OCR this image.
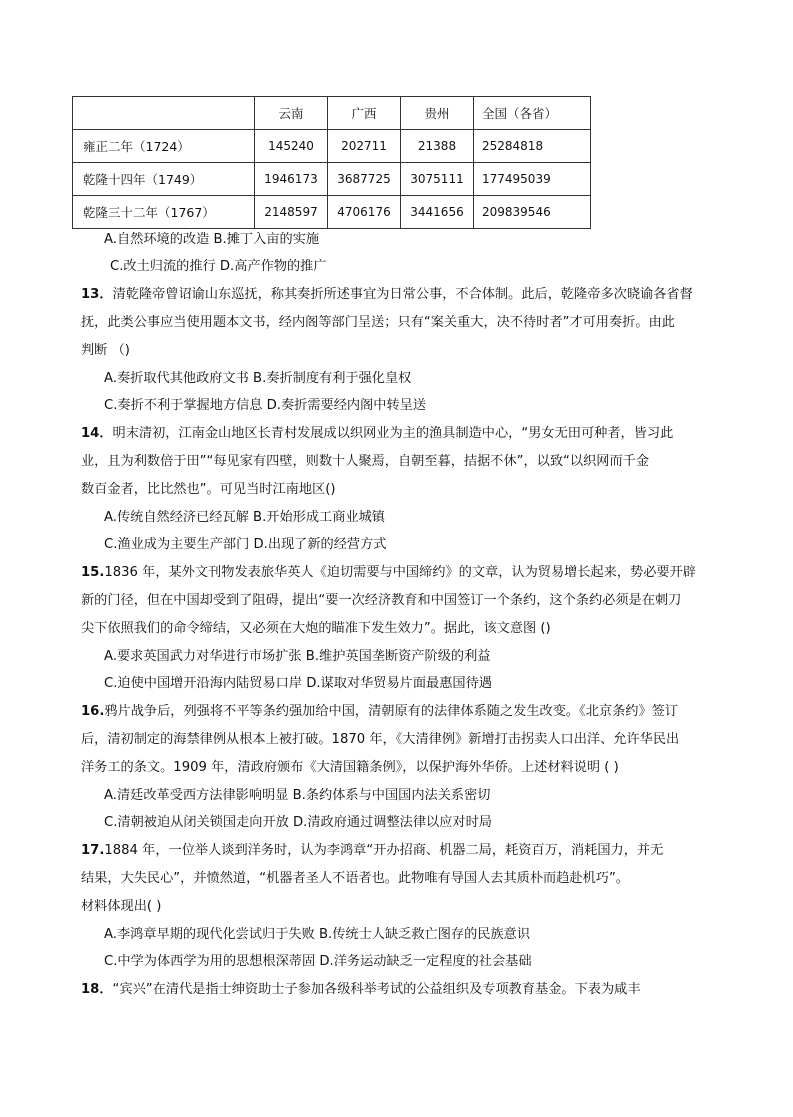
	云南	广西	贵州	全国（各省）
雍正二年（1724）	145240	202711	21388	25284818
乾隆十四年（1749）	1946173	3687725	3075111	177495039
乾隆三十二年（1767）	2148597	4706176	3441656	209839546
A.自然环境的改造 B.摊丁入亩的实施
C.改土归流的推行 D.高产作物的推广
13．清乾隆帝曾诏谕山东巡抚，称其奏折所述事宜为日常公事，不合体制。此后，乾隆帝多次晓谕各省督
抚，此类公事应当使用题本文书，经内阁等部门呈送；只有“案关重大，决不待时者”才可用奏折。由此
判断 （)
A.奏折取代其他政府文书 B.奏折制度有利于强化皇权
C.奏折不利于掌握地方信息 D.奏折需要经内阁中转呈送
14．明末清初，江南金山地区长青村发展成以织网业为主的渔具制造中心，“男女无田可种者，皆习此
业，且为利数倍于田”“每见家有四壁，则数十人聚焉，自朝至暮，拮据不休”，以致“以织网而千金
数百金者，比比然也”。可见当时江南地区()
A.传统自然经济已经瓦解 B.开始形成工商业城镇
C.渔业成为主要生产部门 D.出现了新的经营方式
15.1836 年，某外文刊物发表旅华英人《迫切需要与中国缔约》的文章，认为贸易增长起来，势必要开辟
新的门径，但在中国却受到了阻碍，提出“要一次经济教育和中国签订一个条约，这个条约必须是在刺刀
尖下依照我们的命令缔结，又必须在大炮的瞄准下发生效力”。据此，该文意图 ()
A.要求英国武力对华进行市场扩张 B.维护英国垄断资产阶级的利益
C.迫使中国增开沿海内陆贸易口岸 D.谋取对华贸易片面最惠国待遇
16.鸦片战争后，列强将不平等条约强加给中国，清朝原有的法律体系随之发生改变。《北京条约》签订
后，清初制定的海禁律例从根本上被打破。1870 年，《大清律例》新增打击拐卖人口出洋、允许华民出
洋务工的条文。1909 年，清政府颁布《大清国籍条例》，以保护海外华侨。上述材料说明 ( )
A.清廷改革受西方法律影响明显 B.条约体系与中国国内法关系密切
C.清朝被迫从闭关锁国走向开放 D.清政府通过调整法律以应对时局
17.1884 年，一位举人谈到洋务时，认为李鸿章“开办招商、机器二局，耗资百万，消耗国力，并无
结果，大失民心”，并愤然道，“机器者圣人不语者也。此物唯有导国人去其质朴而趋赴机巧”。
材料体现出( )
A.李鸿章早期的现代化尝试归于失败 B.传统士人缺乏救亡图存的民族意识
C.中学为体西学为用的思想根深蒂固 D.洋务运动缺乏一定程度的社会基础
18．“宾兴”在清代是指士绅资助士子参加各级科举考试的公益组织及专项教育基金。下表为咸丰
